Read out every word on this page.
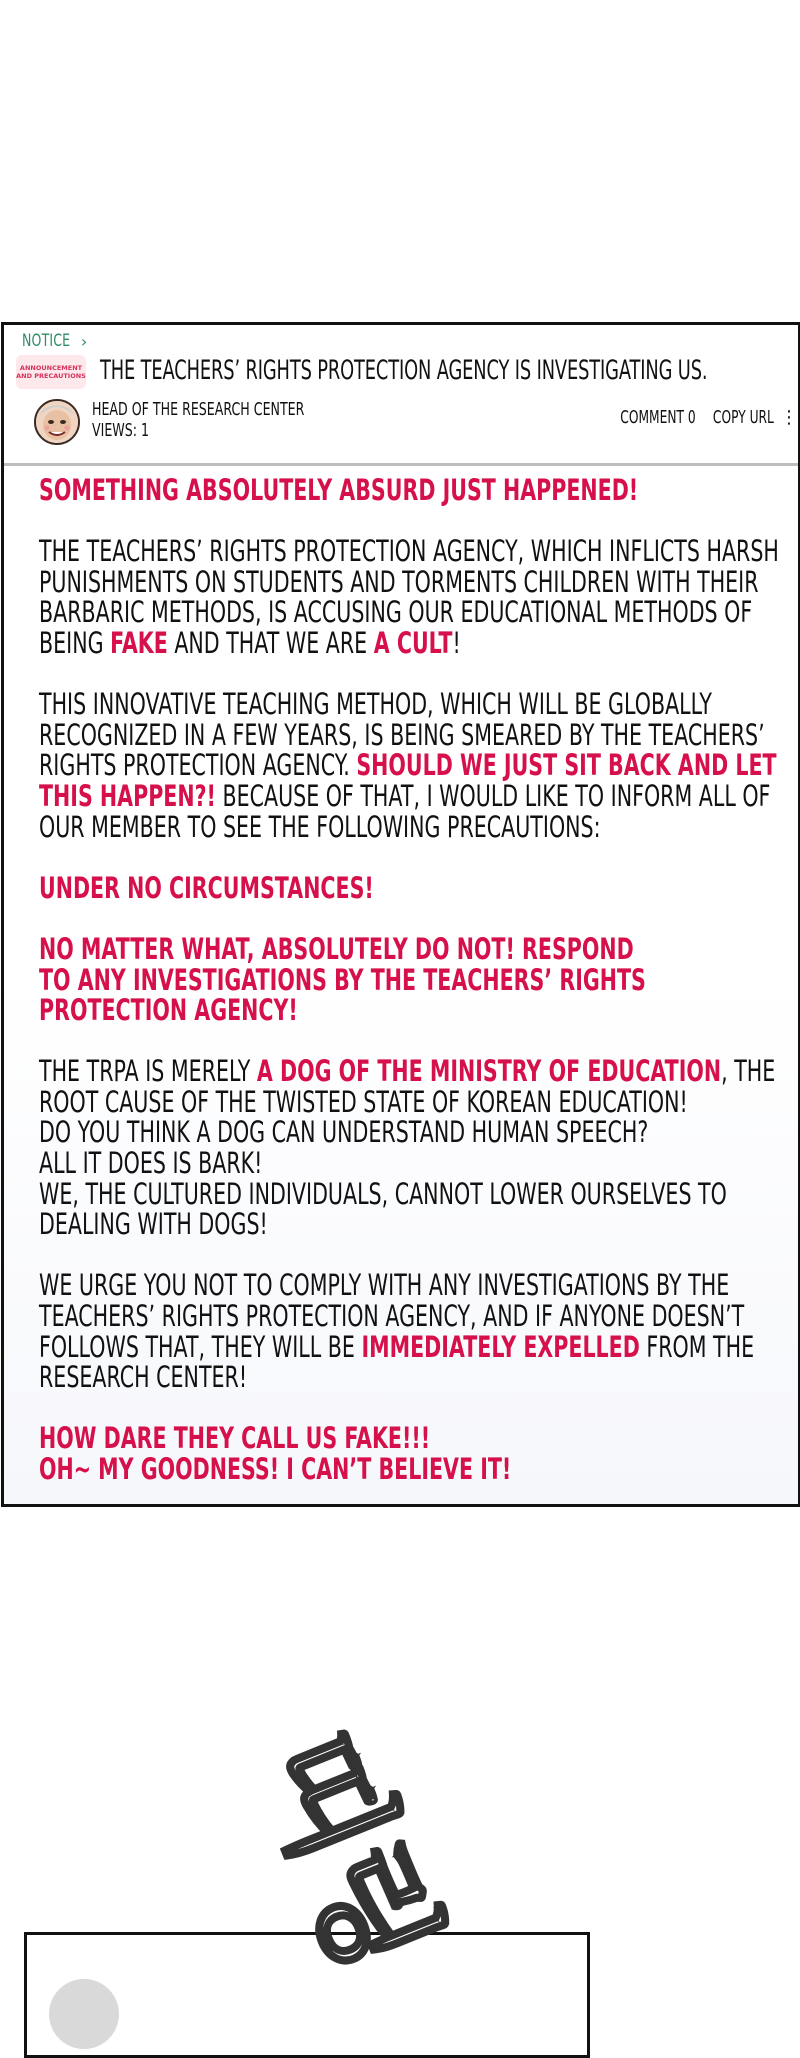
NOTICE ›
ANNOUNCEMENT
AND PRECAUTIONS THE TEACHERS’ RIGHTS PROTECTION AGENCY IS INVESTIGATING US.
HEAD OF THE RESEARCH CENTER
VIEWS: 1
COMMENT 0 COPY URL ⋮

SOMETHING ABSOLUTELY ABSURD JUST HAPPENED!

THE TEACHERS’ RIGHTS PROTECTION AGENCY, WHICH INFLICTS HARSH
PUNISHMENTS ON STUDENTS AND TORMENTS CHILDREN WITH THEIR
BARBARIC METHODS, IS ACCUSING OUR EDUCATIONAL METHODS OF
BEING FAKE AND THAT WE ARE A CULT!

THIS INNOVATIVE TEACHING METHOD, WHICH WILL BE GLOBALLY
RECOGNIZED IN A FEW YEARS, IS BEING SMEARED BY THE TEACHERS’
RIGHTS PROTECTION AGENCY. SHOULD WE JUST SIT BACK AND LET
THIS HAPPEN?! BECAUSE OF THAT, I WOULD LIKE TO INFORM ALL OF
OUR MEMBER TO SEE THE FOLLOWING PRECAUTIONS:

UNDER NO CIRCUMSTANCES!

NO MATTER WHAT, ABSOLUTELY DO NOT! RESPOND
TO ANY INVESTIGATIONS BY THE TEACHERS’ RIGHTS
PROTECTION AGENCY!

THE TRPA IS MERELY A DOG OF THE MINISTRY OF EDUCATION, THE
ROOT CAUSE OF THE TWISTED STATE OF KOREAN EDUCATION!
DO YOU THINK A DOG CAN UNDERSTAND HUMAN SPEECH?
ALL IT DOES IS BARK!
WE, THE CULTURED INDIVIDUALS, CANNOT LOWER OURSELVES TO
DEALING WITH DOGS!

WE URGE YOU NOT TO COMPLY WITH ANY INVESTIGATIONS BY THE
TEACHERS’ RIGHTS PROTECTION AGENCY, AND IF ANYONE DOESN’T
FOLLOWS THAT, THEY WILL BE IMMEDIATELY EXPELLED FROM THE
RESEARCH CENTER!

HOW DARE THEY CALL US FAKE!!!
OH~ MY GOODNESS! I CAN’T BELIEVE IT!

띠링
